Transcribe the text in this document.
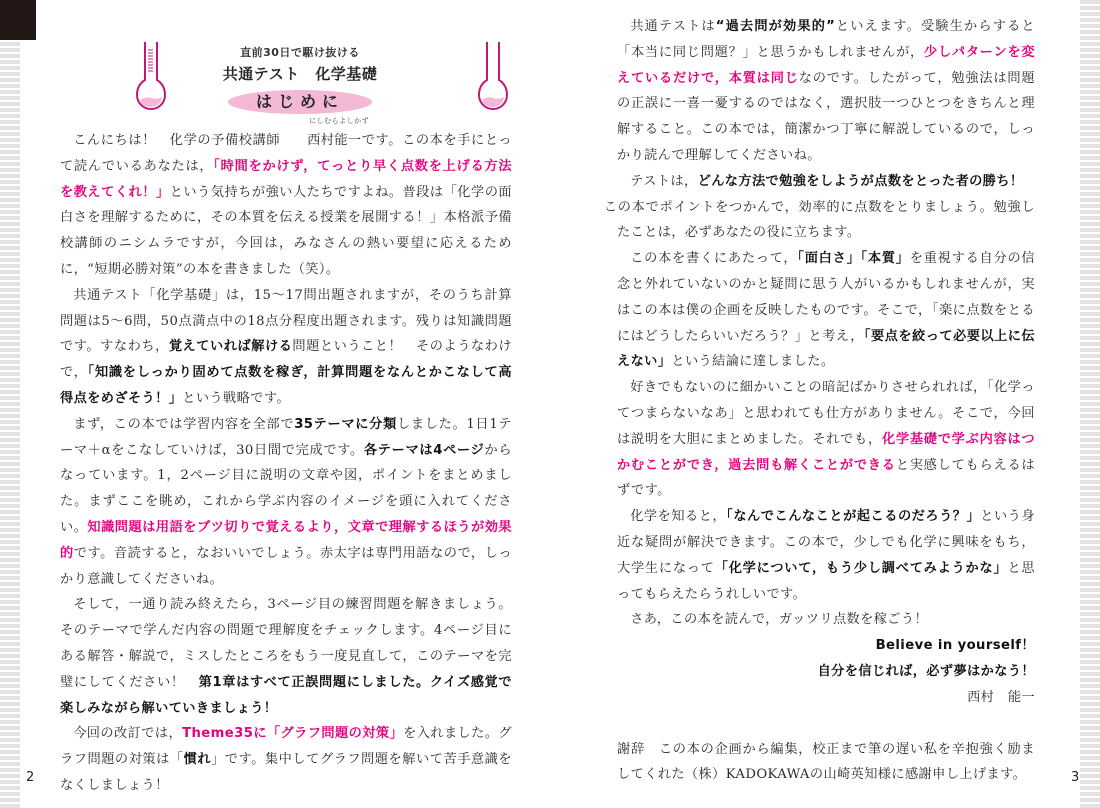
直前30日で駆け抜ける
共通テスト　化学基礎
はじめに

こんにちは！　化学の予備校講師　
にしむらよしかず
西村能一です。この本を手にとって読んでいるあなたは，「時間をかけず，てっとり早く点数を上げる方法を教えてくれ！」という気持ちが強い人たちですよね。普段は「化学の面白さを理解するために，その本質を伝える授業を展開する！」本格派予備校講師のニシムラですが，今回は，みなさんの熱い要望に応えるために，“短期必勝対策”の本を書きました（笑）。

共通テスト「化学基礎」は，15〜17問出題されますが，そのうち計算問題は5〜6問，50点満点中の18点分程度出題されます。残りは知識問題です。すなわち，覚えていれば解ける問題ということ！　そのようなわけで，「知識をしっかり固めて点数を稼ぎ，計算問題をなんとかこなして高得点をめざそう！」という戦略です。

まず，この本では学習内容を全部で35テーマに分類しました。1日1テーマ＋αをこなしていけば，30日間で完成です。各テーマは4ページからなっています。1，2ページ目に説明の文章や図，ポイントをまとめました。まずここを眺め，これから学ぶ内容のイメージを頭に入れてください。知識問題は用語をブツ切りで覚えるより，文章で理解するほうが効果的です。音読すると，なおいいでしょう。赤太字は専門用語なので，しっかり意識してくださいね。

そして，一通り読み終えたら，3ページ目の練習問題を解きましょう。そのテーマで学んだ内容の問題で理解度をチェックします。4ページ目にある解答・解説で，ミスしたところをもう一度見直して，このテーマを完璧にしてください！　第1章はすべて正誤問題にしました。クイズ感覚で楽しみながら解いていきましょう！

今回の改訂では，Theme35に「グラフ問題の対策」を入れました。グラフ問題の対策は「慣れ」です。集中してグラフ問題を解いて苦手意識をなくしましょう！

2

共通テストは“過去問が効果的”といえます。受験生からすると「本当に同じ問題？」と思うかもしれませんが，少しパターンを変えているだけで，本質は同じなのです。したがって，勉強法は問題の正誤に一喜一憂するのではなく，選択肢一つひとつをきちんと理解すること。この本では，簡潔かつ丁寧に解説しているので，しっかり読んで理解してくださいね。

テストは，どんな方法で勉強をしようが点数をとった者の勝ち！
この本でポイントをつかんで，効率的に点数をとりましょう。勉強したことは，必ずあなたの役に立ちます。

この本を書くにあたって，「面白さ」「本質」を重視する自分の信念と外れていないのかと疑問に思う人がいるかもしれませんが，実はこの本は僕の企画を反映したものです。そこで，「楽に点数をとるにはどうしたらいいだろう？」と考え，「要点を絞って必要以上に伝えない」という結論に達しました。

好きでもないのに細かいことの暗記ばかりさせられれば，「化学ってつまらないなあ」と思われても仕方がありません。そこで，今回は説明を大胆にまとめました。それでも，化学基礎で学ぶ内容はつかむことができ，過去問も解くことができると実感してもらえるはずです。

化学を知ると，「なんでこんなことが起こるのだろう？」という身近な疑問が解決できます。この本で，少しでも化学に興味をもち，大学生になって「化学について，もう少し調べてみようかな」と思ってもらえたらうれしいです。

さあ，この本を読んで，ガッツリ点数を稼ごう！

Believe in yourself！

自分を信じれば，必ず夢はかなう！

西村　能一

謝辞　この本の企画から編集，校正まで筆の遅い私を辛抱強く励ましてくれた（株）KADOKAWAの山崎英知様に感謝申し上げます。	3
